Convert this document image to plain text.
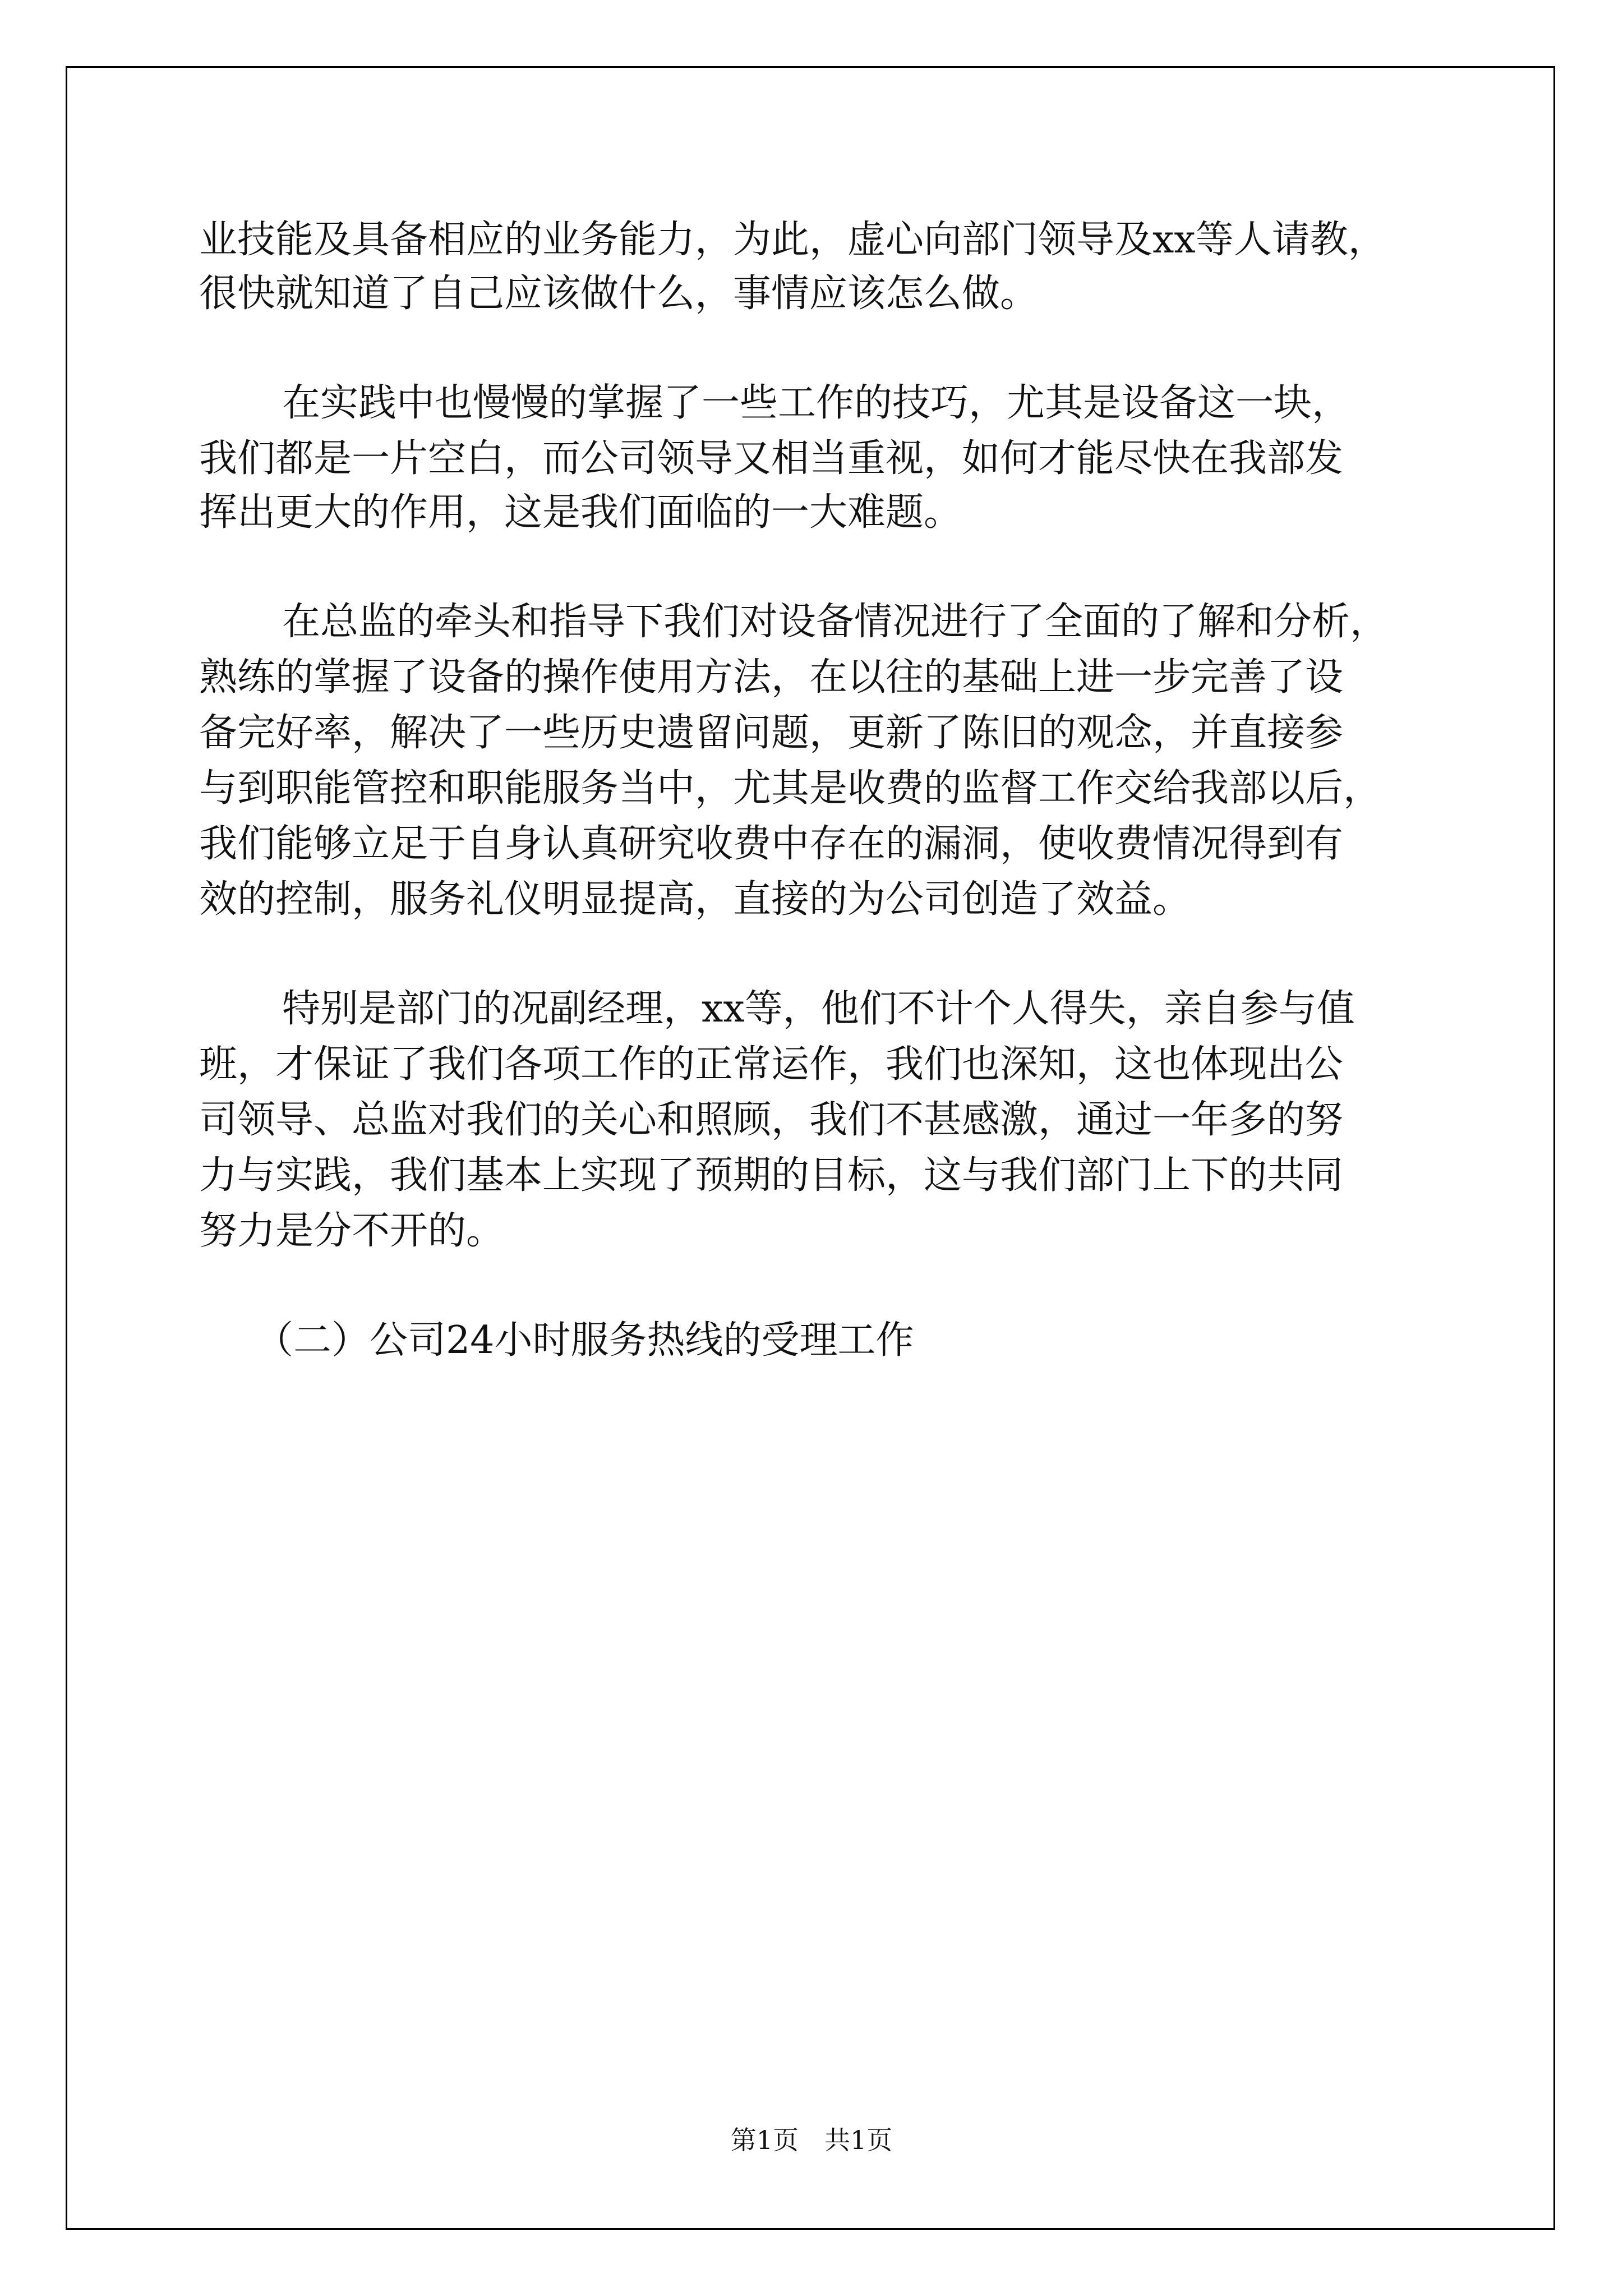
业技能及具备相应的业务能力，为此，虚心向部门领导及xx等人请教，
很快就知道了自己应该做什么，事情应该怎么做。
在实践中也慢慢的掌握了一些工作的技巧，尤其是设备这一块，
我们都是一片空白，而公司领导又相当重视，如何才能尽快在我部发
挥出更大的作用，这是我们面临的一大难题。
在总监的牵头和指导下我们对设备情况进行了全面的了解和分析，
熟练的掌握了设备的操作使用方法，在以往的基础上进一步完善了设
备完好率，解决了一些历史遗留问题，更新了陈旧的观念，并直接参
与到职能管控和职能服务当中，尤其是收费的监督工作交给我部以后，
我们能够立足于自身认真研究收费中存在的漏洞，使收费情况得到有
效的控制，服务礼仪明显提高，直接的为公司创造了效益。
特别是部门的况副经理，xx等，他们不计个人得失，亲自参与值
班，才保证了我们各项工作的正常运作，我们也深知，这也体现出公
司领导、总监对我们的关心和照顾，我们不甚感激，通过一年多的努
力与实践，我们基本上实现了预期的目标，这与我们部门上下的共同
努力是分不开的。
（二）公司24小时服务热线的受理工作
第1页 共1页
